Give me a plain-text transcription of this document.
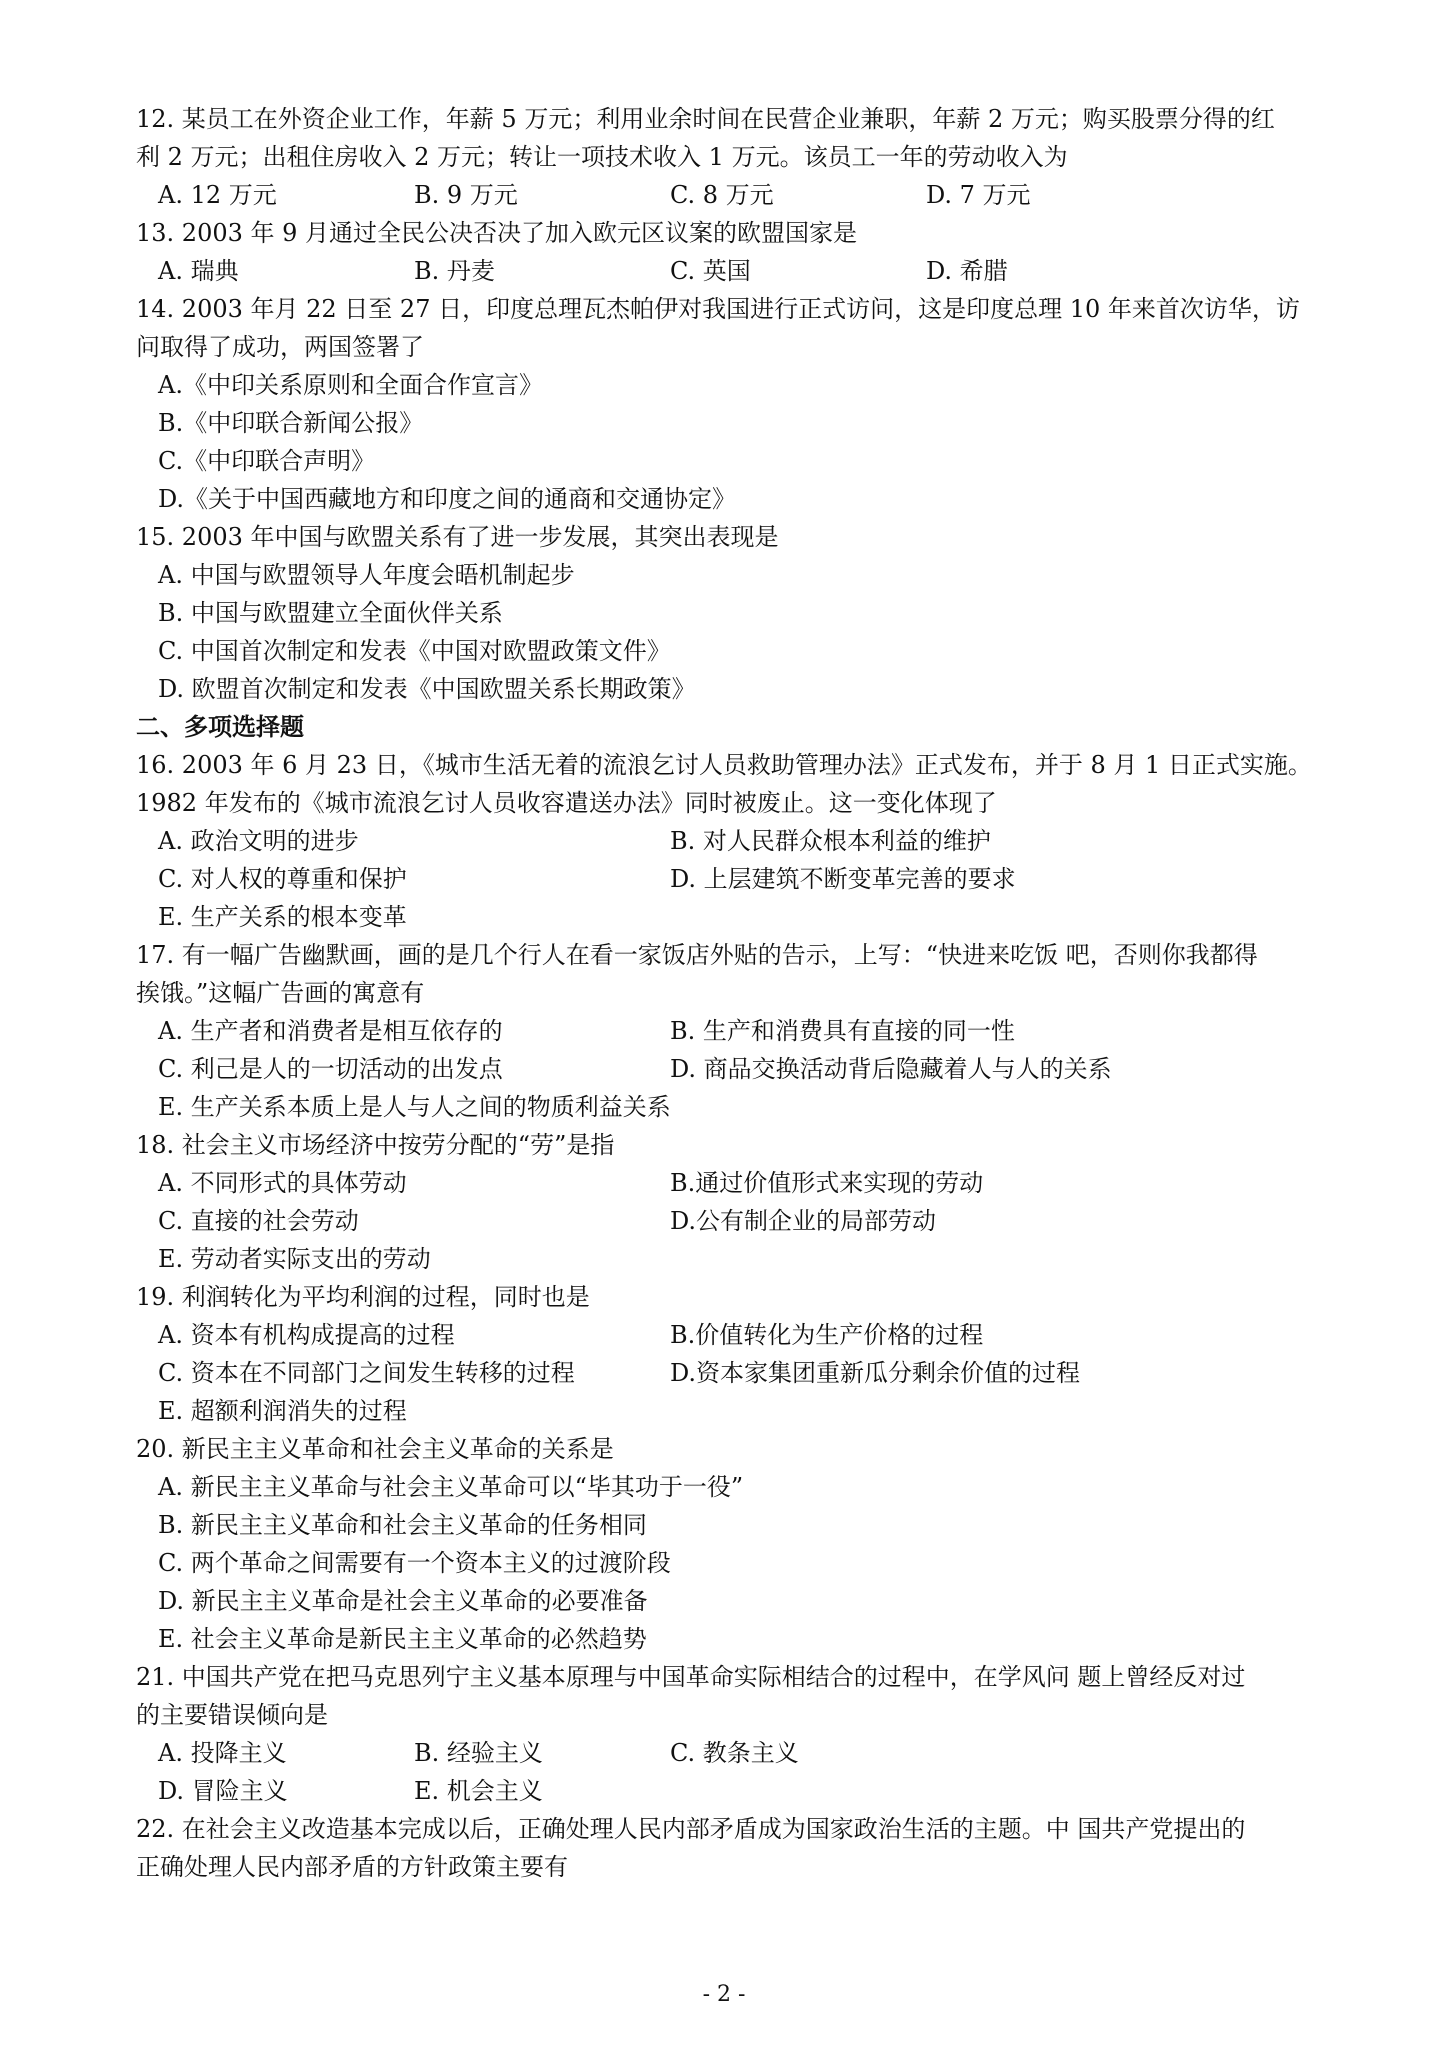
12. 某员工在外资企业工作，年薪 5 万元；利用业余时间在民营企业兼职，年薪 2 万元；购买股票分得的红
利 2 万元；出租住房收入 2 万元；转让一项技术收入 1 万元。该员工一年的劳动收入为
A. 12 万元	B. 9 万元	C. 8 万元	D. 7 万元
13. 2003 年 9 月通过全民公决否决了加入欧元区议案的欧盟国家是
A. 瑞典	B. 丹麦	C. 英国	D. 希腊
14. 2003 年月 22 日至 27 日，印度总理瓦杰帕伊对我国进行正式访问，这是印度总理 10 年来首次访华，访
问取得了成功，两国签署了
A.《中印关系原则和全面合作宣言》
B.《中印联合新闻公报》
C.《中印联合声明》
D.《关于中国西藏地方和印度之间的通商和交通协定》
15. 2003 年中国与欧盟关系有了进一步发展，其突出表现是
A. 中国与欧盟领导人年度会晤机制起步
B. 中国与欧盟建立全面伙伴关系
C. 中国首次制定和发表《中国对欧盟政策文件》
D. 欧盟首次制定和发表《中国欧盟关系长期政策》
二、多项选择题
16. 2003 年 6 月 23 日，《城市生活无着的流浪乞讨人员救助管理办法》正式发布，并于 8 月 1 日正式实施。
1982 年发布的《城市流浪乞讨人员收容遣送办法》同时被废止。这一变化体现了
A. 政治文明的进步	B. 对人民群众根本利益的维护
C. 对人权的尊重和保护	D. 上层建筑不断变革完善的要求
E. 生产关系的根本变革
17. 有一幅广告幽默画，画的是几个行人在看一家饭店外贴的告示，上写：“快进来吃饭 吧，否则你我都得
挨饿。”这幅广告画的寓意有
A. 生产者和消费者是相互依存的	B. 生产和消费具有直接的同一性
C. 利己是人的一切活动的出发点	D. 商品交换活动背后隐藏着人与人的关系
E. 生产关系本质上是人与人之间的物质利益关系
18. 社会主义市场经济中按劳分配的“劳”是指
A. 不同形式的具体劳动	B.通过价值形式来实现的劳动
C. 直接的社会劳动	D.公有制企业的局部劳动
E. 劳动者实际支出的劳动
19. 利润转化为平均利润的过程，同时也是
A. 资本有机构成提高的过程	B.价值转化为生产价格的过程
C. 资本在不同部门之间发生转移的过程	D.资本家集团重新瓜分剩余价值的过程
E. 超额利润消失的过程
20. 新民主主义革命和社会主义革命的关系是
A. 新民主主义革命与社会主义革命可以“毕其功于一役”
B. 新民主主义革命和社会主义革命的任务相同
C. 两个革命之间需要有一个资本主义的过渡阶段
D. 新民主主义革命是社会主义革命的必要准备
E. 社会主义革命是新民主主义革命的必然趋势
21. 中国共产党在把马克思列宁主义基本原理与中国革命实际相结合的过程中，在学风问 题上曾经反对过
的主要错误倾向是
A. 投降主义	B. 经验主义	C. 教条主义
D. 冒险主义	E. 机会主义
22. 在社会主义改造基本完成以后，正确处理人民内部矛盾成为国家政治生活的主题。中 国共产党提出的
正确处理人民内部矛盾的方针政策主要有
- 2 -
